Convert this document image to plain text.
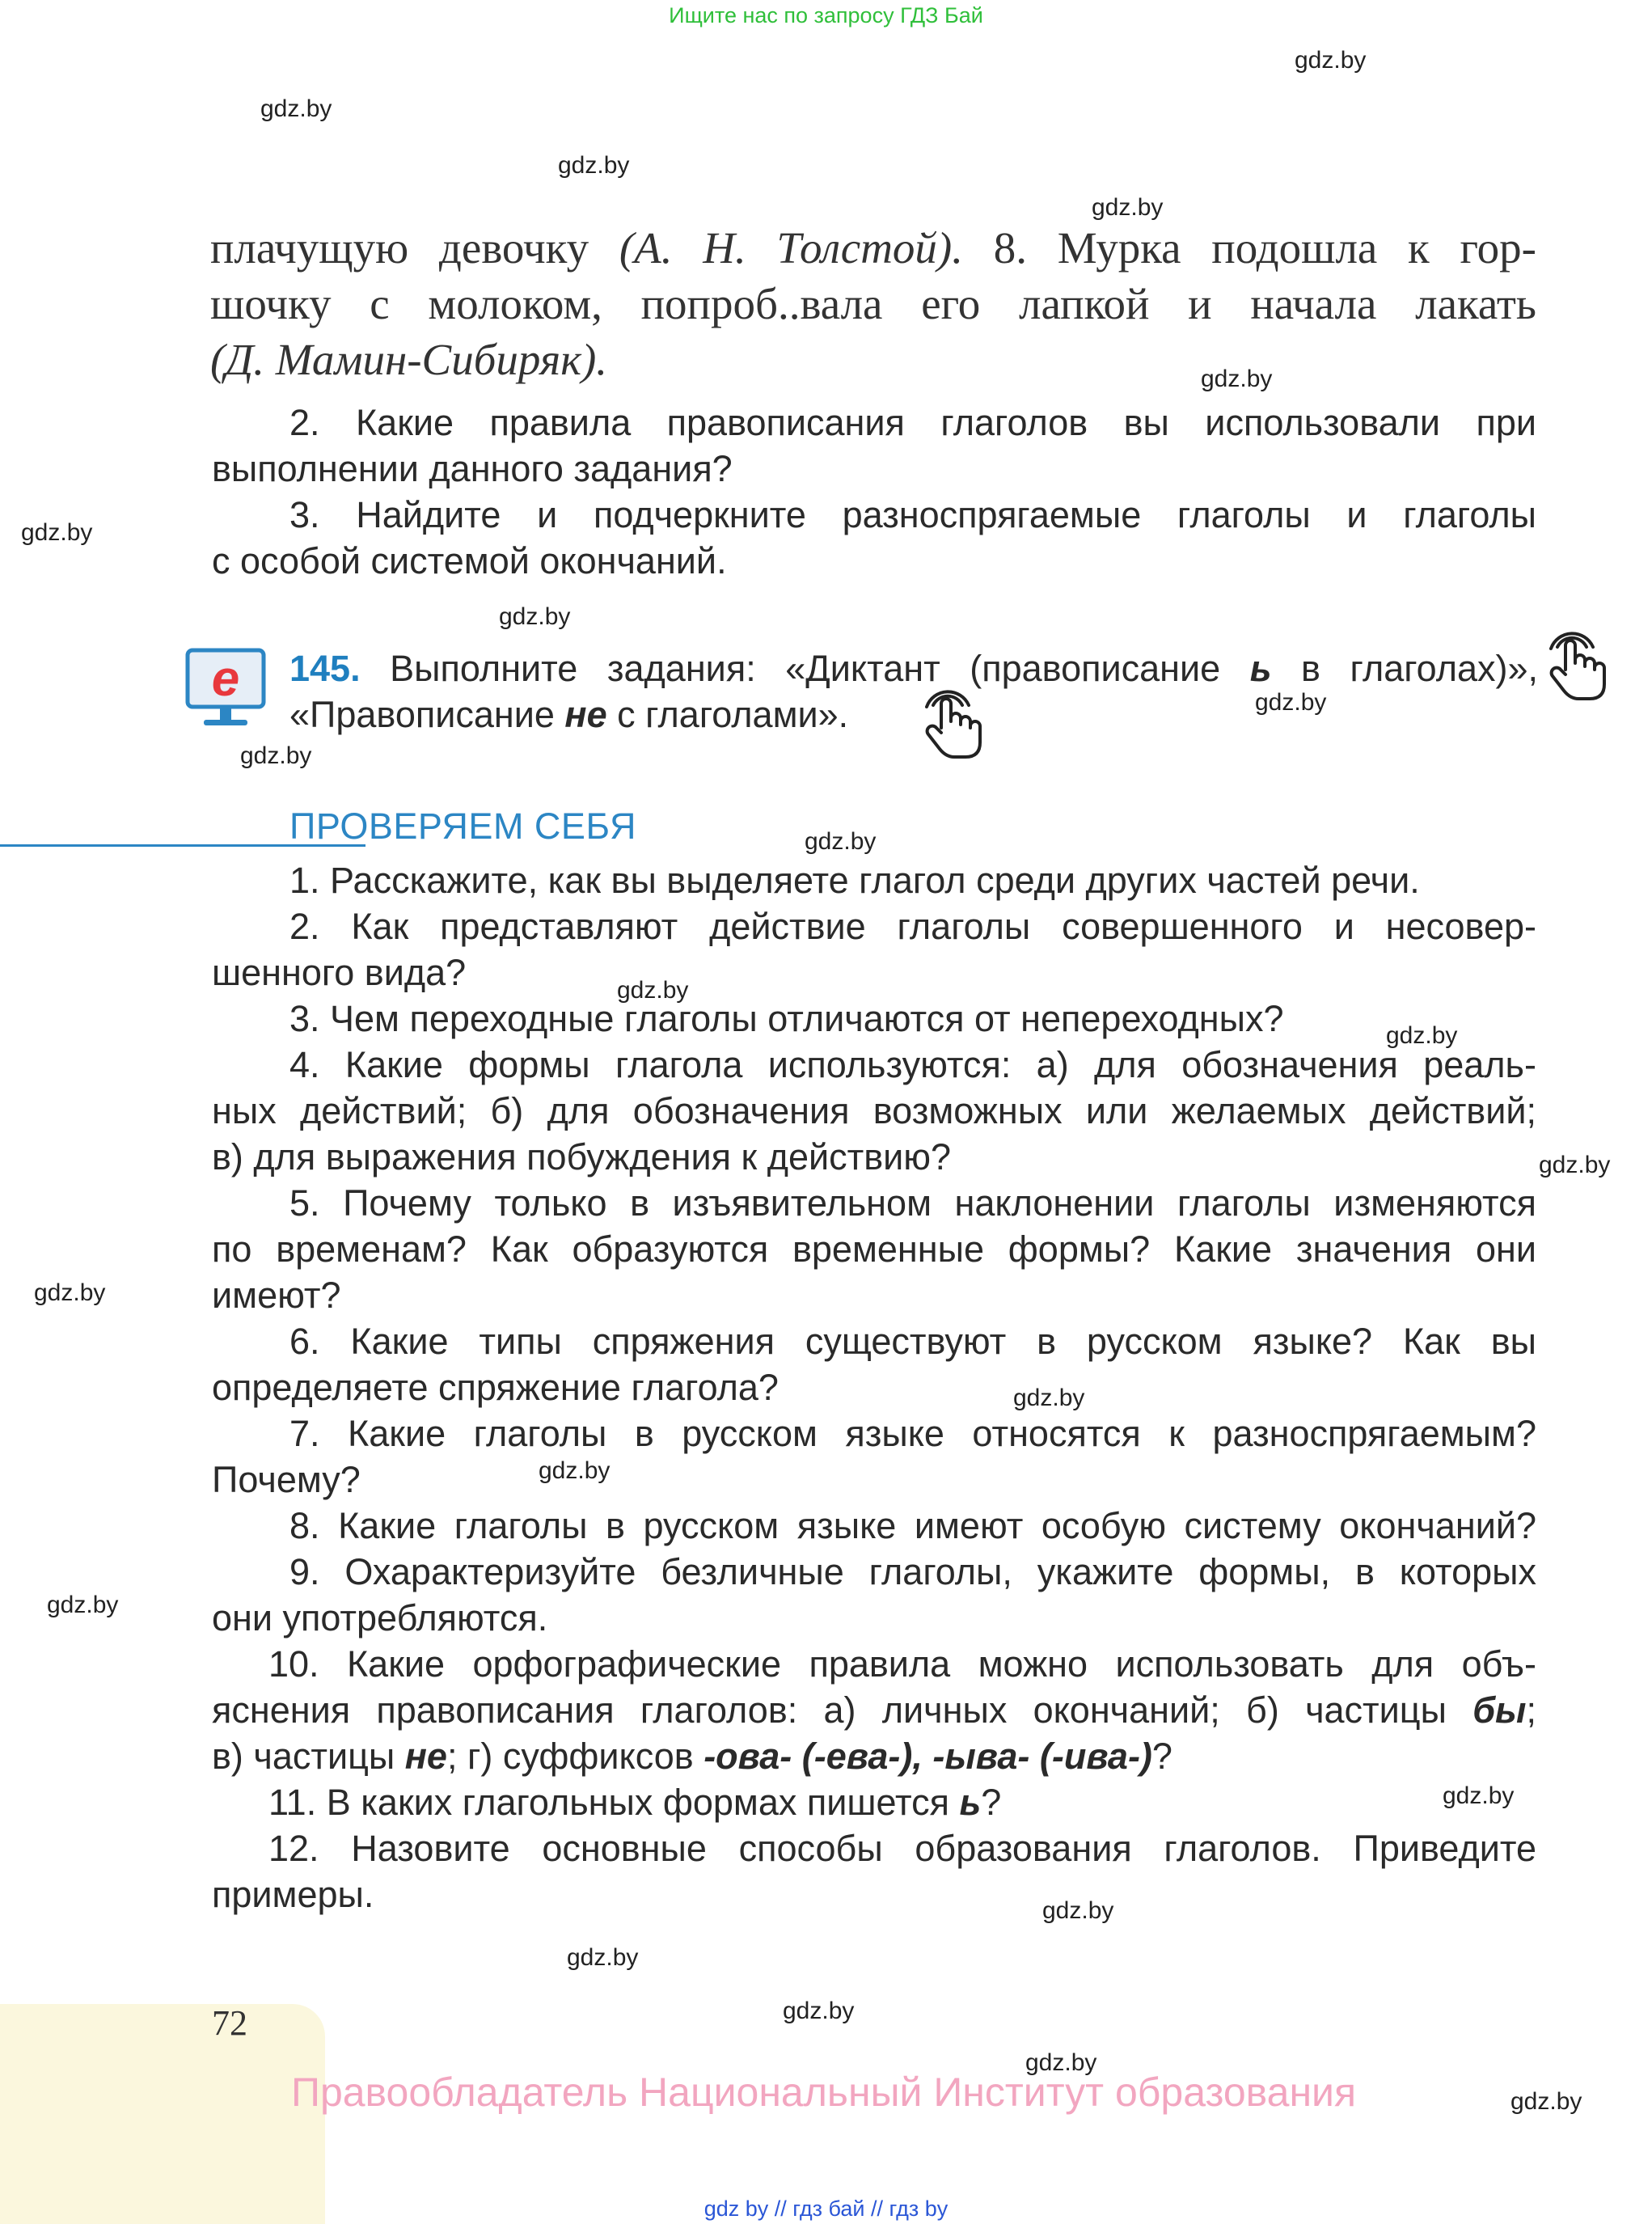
Ищите нас по запросу ГДЗ Бай
gdz.by
gdz.by
gdz.by
gdz.by
gdz.by
gdz.by
gdz.by
gdz.by
gdz.by
gdz.by
gdz.by
gdz.by
gdz.by
gdz.by
gdz.by
gdz.by
gdz.by
gdz.by
gdz.by
gdz.by
gdz.by
gdz.by
gdz.by
плачущую девочку (А. Н. Толстой). 8. Мурка подошла к гор-
шочку с молоком, попроб..вала его лапкой и начала лакать
(Д. Мамин-Сибиряк).
2. Какие правила правописания глаголов вы использовали при
выполнении данного задания?
3. Найдите и подчеркните разноспрягаемые глаголы и глаголы
с особой системой окончаний.
e	145. Выполните задания: «Диктант (правописание ь в глаголах)»,
«Правописание не с глаголами».
ПРОВЕРЯЕМ СЕБЯ
1. Расскажите, как вы выделяете глагол среди других частей речи.
2. Как представляют действие глаголы совершенного и несовер-
шенного вида?
3. Чем переходные глаголы отличаются от непереходных?
4. Какие формы глагола используются: а) для обозначения реаль-
ных действий; б) для обозначения возможных или желаемых действий;
в) для выражения побуждения к действию?
5. Почему только в изъявительном наклонении глаголы изменяются
по временам? Как образуются временные формы? Какие значения они
имеют?
6. Какие типы спряжения существуют в русском языке? Как вы
определяете спряжение глагола?
7. Какие глаголы в русском языке относятся к разноспрягаемым?
Почему?
8. Какие глаголы в русском языке имеют особую систему окончаний?
9. Охарактеризуйте безличные глаголы, укажите формы, в которых
они употребляются.
10. Какие орфографические правила можно использовать для объ-
яснения правописания глаголов: а) личных окончаний; б) частицы бы;
в) частицы не; г) суффиксов -ова- (-ева-), -ыва- (-ива-)?
11. В каких глагольных формах пишется ь?
12. Назовите основные способы образования глаголов. Приведите
примеры.
72
Правообладатель Национальный Институт образования
gdz by // гдз бай // гдз by
